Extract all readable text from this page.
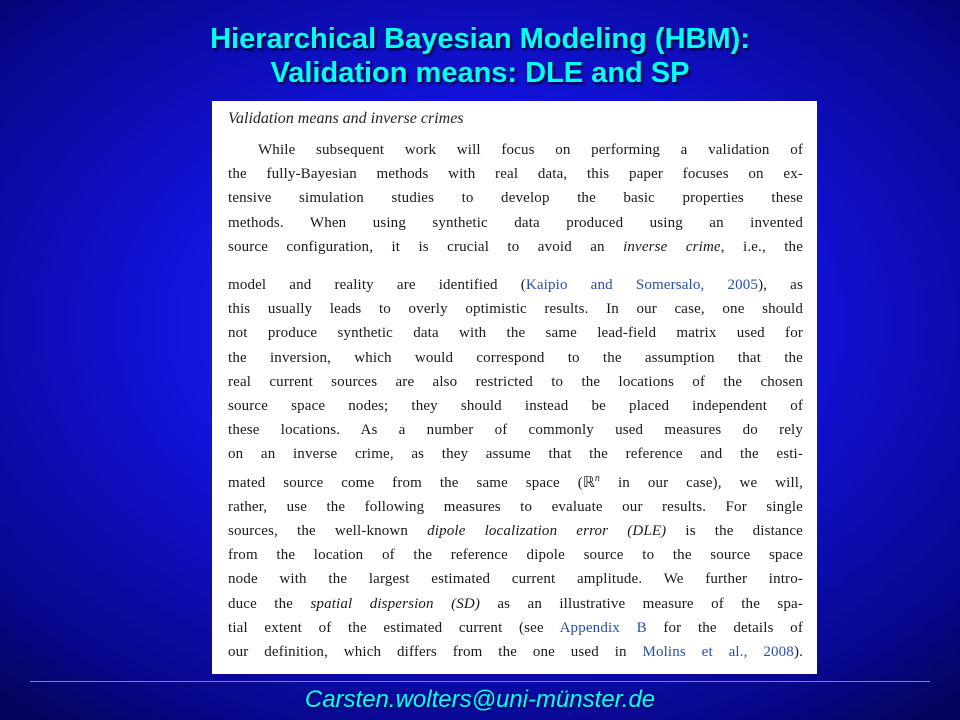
Hierarchical Bayesian Modeling (HBM):
Validation means: DLE and SP
Validation means and inverse crimes
While subsequent work will focus on performing a validation of
the fully-Bayesian methods with real data, this paper focuses on ex-
tensive simulation studies to develop the basic properties these
methods. When using synthetic data produced using an invented
source configuration, it is crucial to avoid an inverse crime, i.e., the
model and reality are identified (Kaipio and Somersalo, 2005), as
this usually leads to overly optimistic results. In our case, one should
not produce synthetic data with the same lead-field matrix used for
the inversion, which would correspond to the assumption that the
real current sources are also restricted to the locations of the chosen
source space nodes; they should instead be placed independent of
these locations. As a number of commonly used measures do rely
on an inverse crime, as they assume that the reference and the esti-
mated source come from the same space (ℝ$^n$ in our case), we will,
rather, use the following measures to evaluate our results. For single
sources, the well-known dipole localization error (DLE) is the distance
from the location of the reference dipole source to the source space
node with the largest estimated current amplitude. We further intro-
duce the spatial dispersion (SD) as an illustrative measure of the spa-
tial extent of the estimated current (see Appendix B for the details of
our definition, which differs from the one used in Molins et al., 2008).
Carsten.wolters@uni-münster.de
